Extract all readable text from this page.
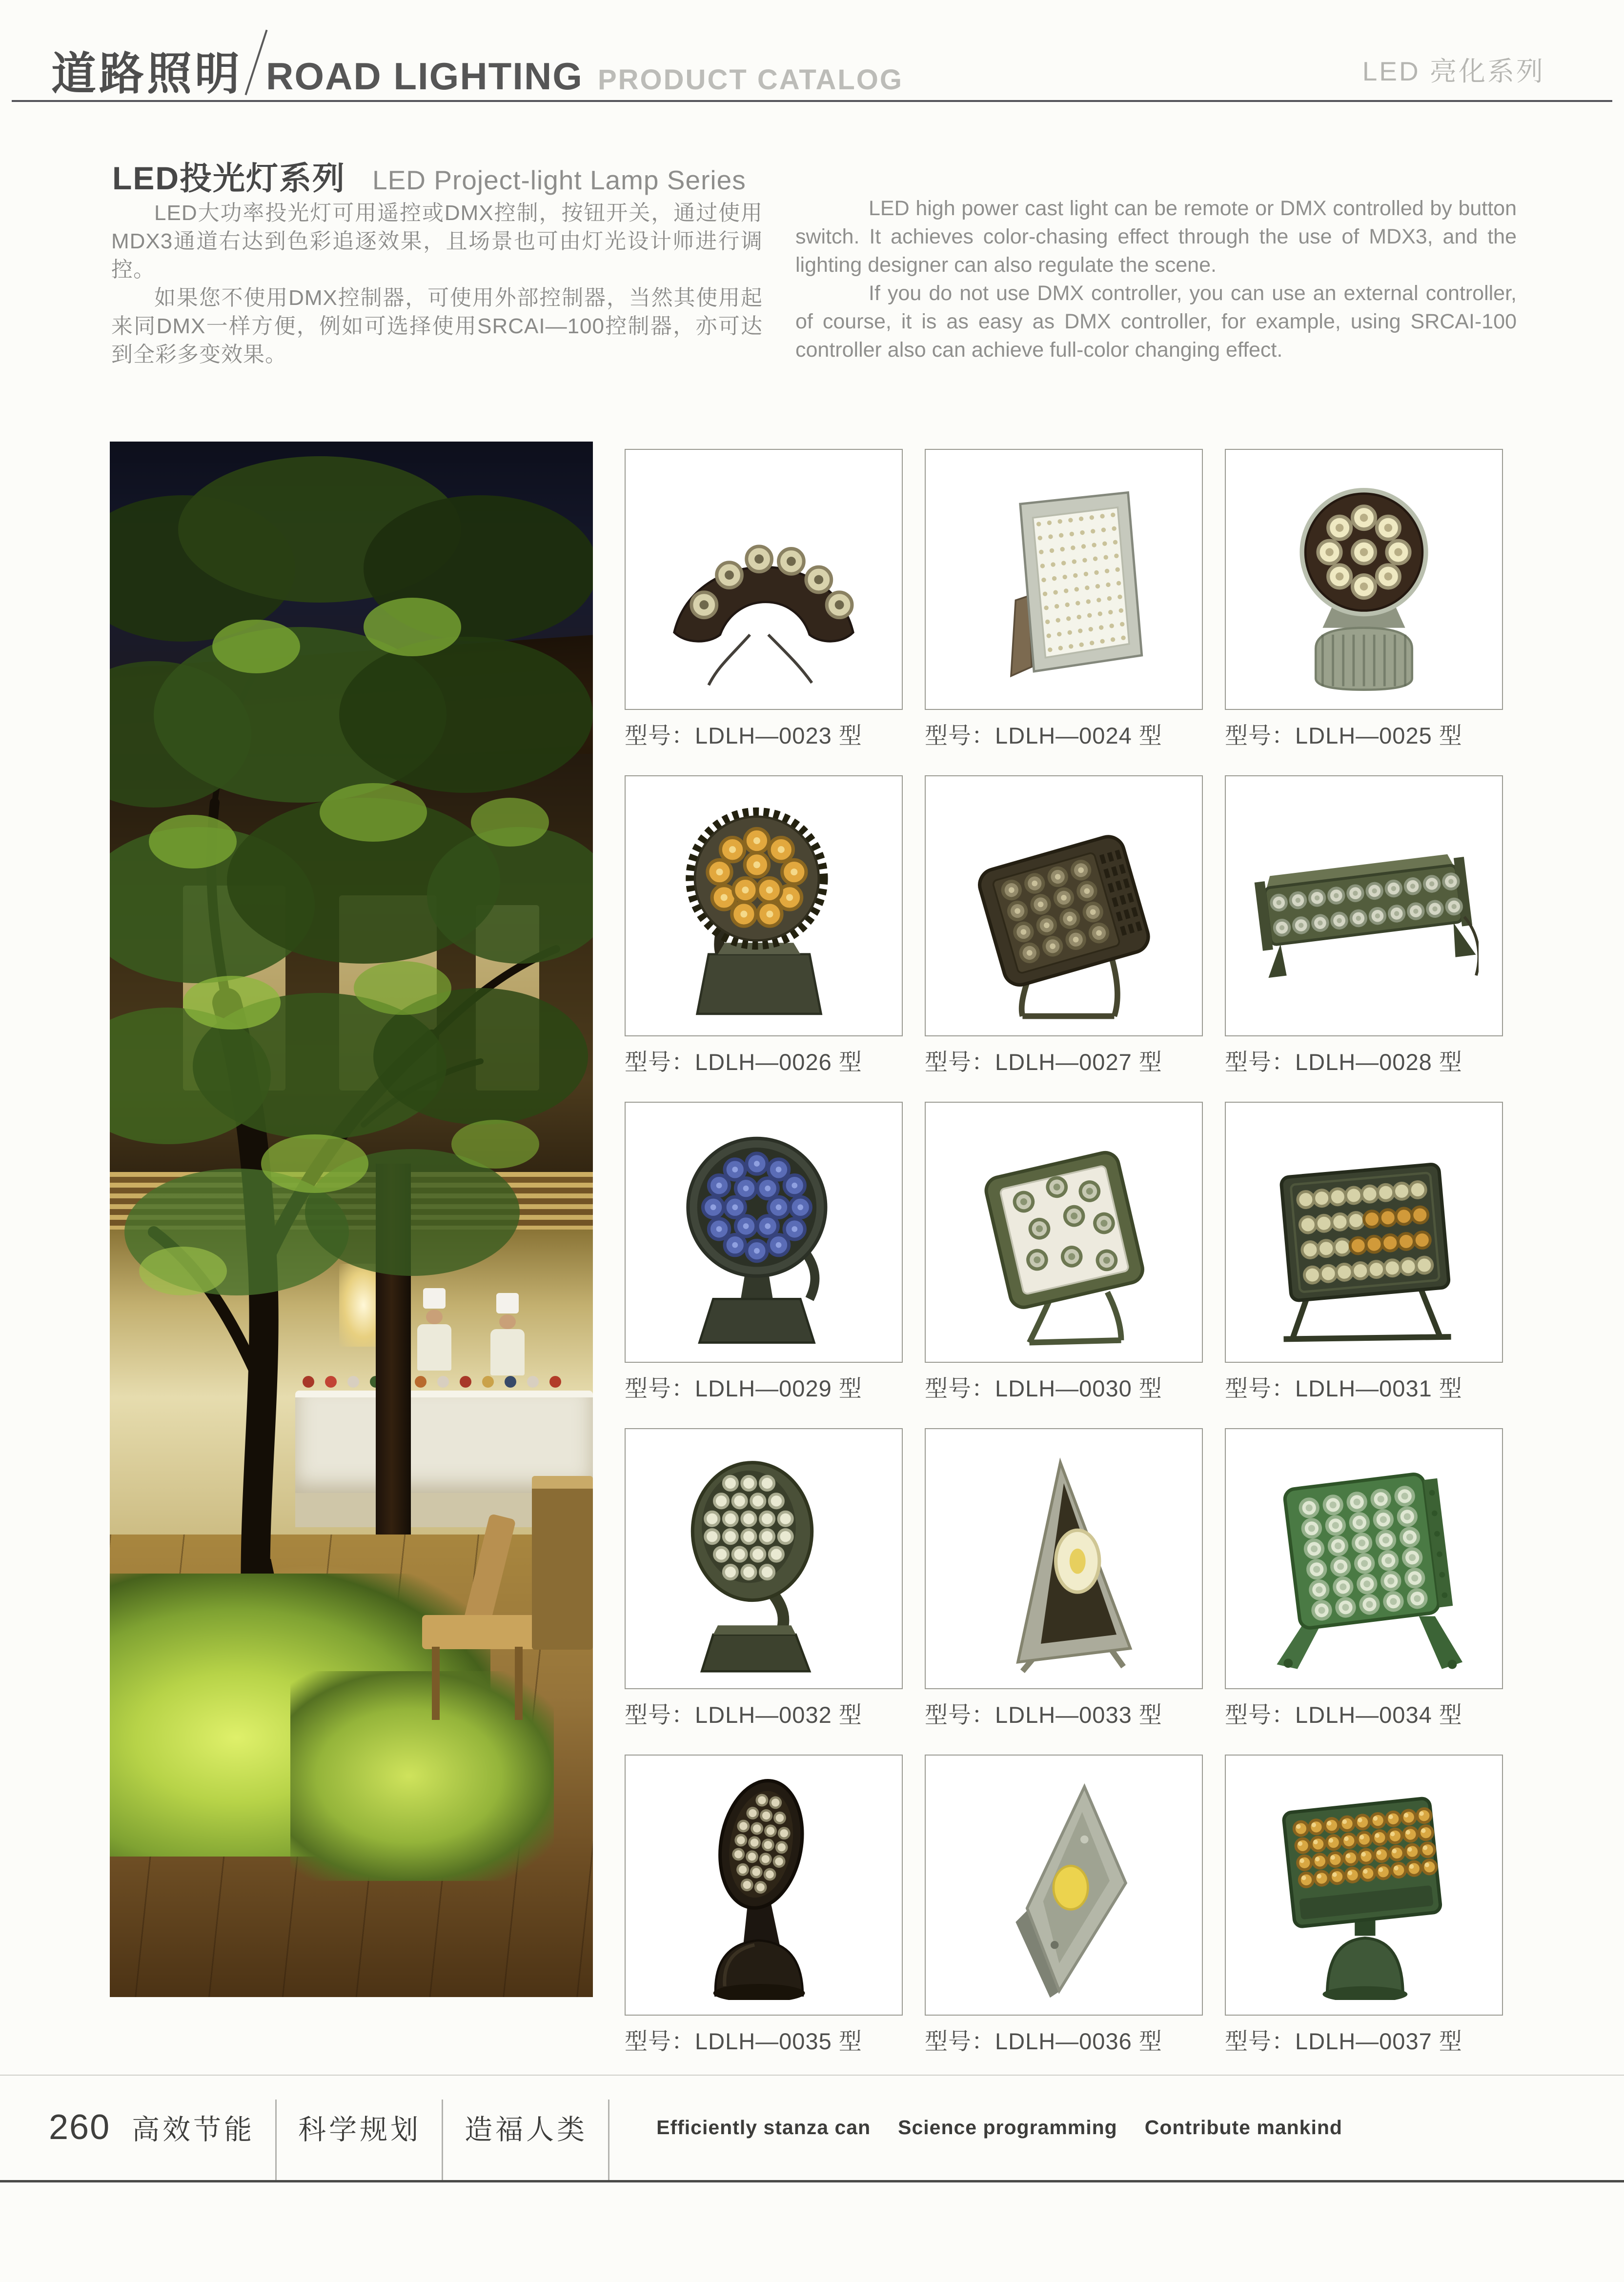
道路照明 ROAD LIGHTING PRODUCT CATALOG	LED 亮化系列
LED投光灯系列 LED Project-light Lamp Series

LED大功率投光灯可用遥控或DMX控制，按钮开关，通过使用MDX3通道右达到色彩追逐效果，且场景也可由灯光设计师进行调控。

如果您不使用DMX控制器，可使用外部控制器，当然其使用起来同DMX一样方便，例如可选择使用SRCAI—100控制器，亦可达到全彩多变效果。

LED high power cast light can be remote or DMX controlled by button switch. It achieves color-chasing effect through the use of MDX3, and the lighting designer can also regulate the scene.

If you do not use DMX controller, you can use an external controller, of course, it is as easy as DMX controller, for example, using SRCAI-100 controller also can achieve full-color changing effect.

型号：LDLH—0023 型	型号：LDLH—0024 型	型号：LDLH—0025 型
型号：LDLH—0026 型	型号：LDLH—0027 型	型号：LDLH—0028 型
型号：LDLH—0029 型	型号：LDLH—0030 型	型号：LDLH—0031 型
型号：LDLH—0032 型	型号：LDLH—0033 型	型号：LDLH—0034 型
型号：LDLH—0035 型	型号：LDLH—0036 型	型号：LDLH—0037 型
260 高效节能 科学规划 造福人类	Efficiently stanza can Science programming Contribute mankind
